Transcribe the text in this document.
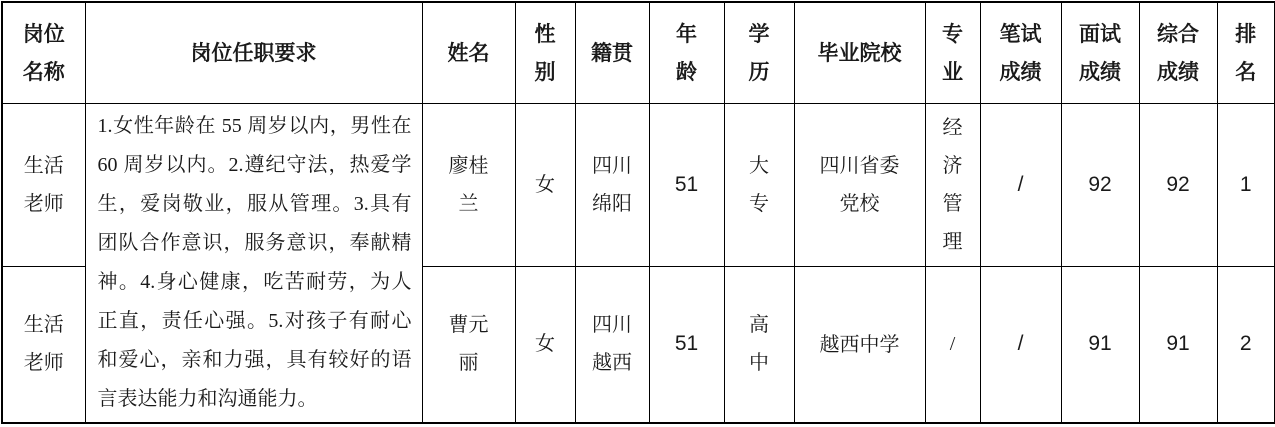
岗位名称	岗位任职要求	姓名	性别	籍贯	年龄	学历	毕业院校	专业	笔试成绩	面试成绩	综合成绩	排名
生活老师	1.女性年龄在 55 周岁以内，男性在 60 周岁以内。2.遵纪守法，热爱学生，爱岗敬业，服从管理。3.具有团队合作意识，服务意识，奉献精神。4.身心健康，吃苦耐劳，为人正直，责任心强。5.对孩子有耐心和爱心，亲和力强，具有较好的语言表达能力和沟通能力。	廖桂兰	女	四川绵阳	51	大专	四川省委党校	经济管理	/	92	92	1
生活老师		曹元丽	女	四川越西	51	高中	越西中学	/	/	91	91	2
